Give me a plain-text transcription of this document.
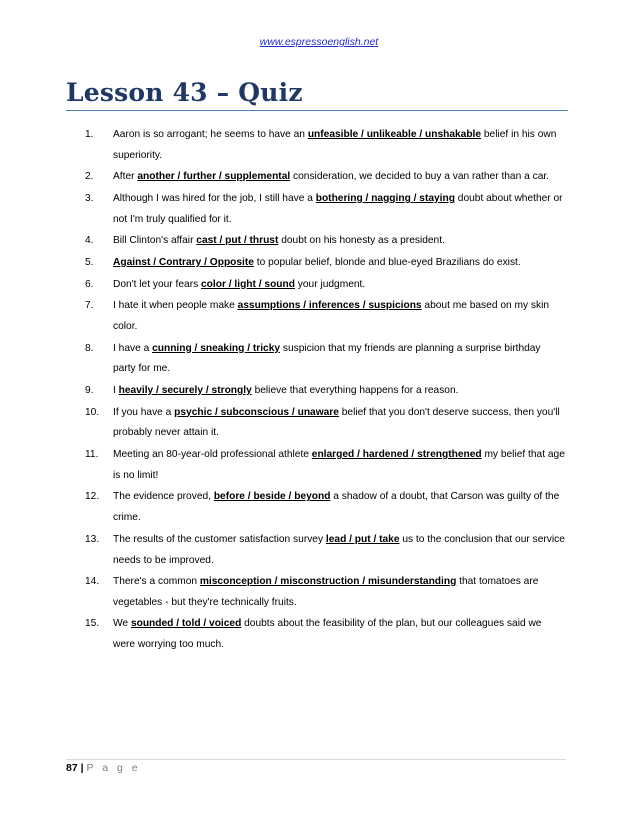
www.espressoenglish.net
Lesson 43 – Quiz
1. Aaron is so arrogant; he seems to have an unfeasible / unlikeable / unshakable belief in his own superiority.
2. After another / further / supplemental consideration, we decided to buy a van rather than a car.
3. Although I was hired for the job, I still have a bothering / nagging / staying doubt about whether or not I'm truly qualified for it.
4. Bill Clinton's affair cast / put / thrust doubt on his honesty as a president.
5. Against / Contrary / Opposite to popular belief, blonde and blue-eyed Brazilians do exist.
6. Don't let your fears color / light / sound your judgment.
7. I hate it when people make assumptions / inferences / suspicions about me based on my skin color.
8. I have a cunning / sneaking / tricky suspicion that my friends are planning a surprise birthday party for me.
9. I heavily / securely / strongly believe that everything happens for a reason.
10. If you have a psychic / subconscious / unaware belief that you don't deserve success, then you'll probably never attain it.
11. Meeting an 80-year-old professional athlete enlarged / hardened / strengthened my belief that age is no limit!
12. The evidence proved, before / beside / beyond a shadow of a doubt, that Carson was guilty of the crime.
13. The results of the customer satisfaction survey lead / put / take us to the conclusion that our service needs to be improved.
14. There's a common misconception / misconstruction / misunderstanding that tomatoes are vegetables - but they're technically fruits.
15. We sounded / told / voiced doubts about the feasibility of the plan, but our colleagues said we were worrying too much.
87 | P a g e
